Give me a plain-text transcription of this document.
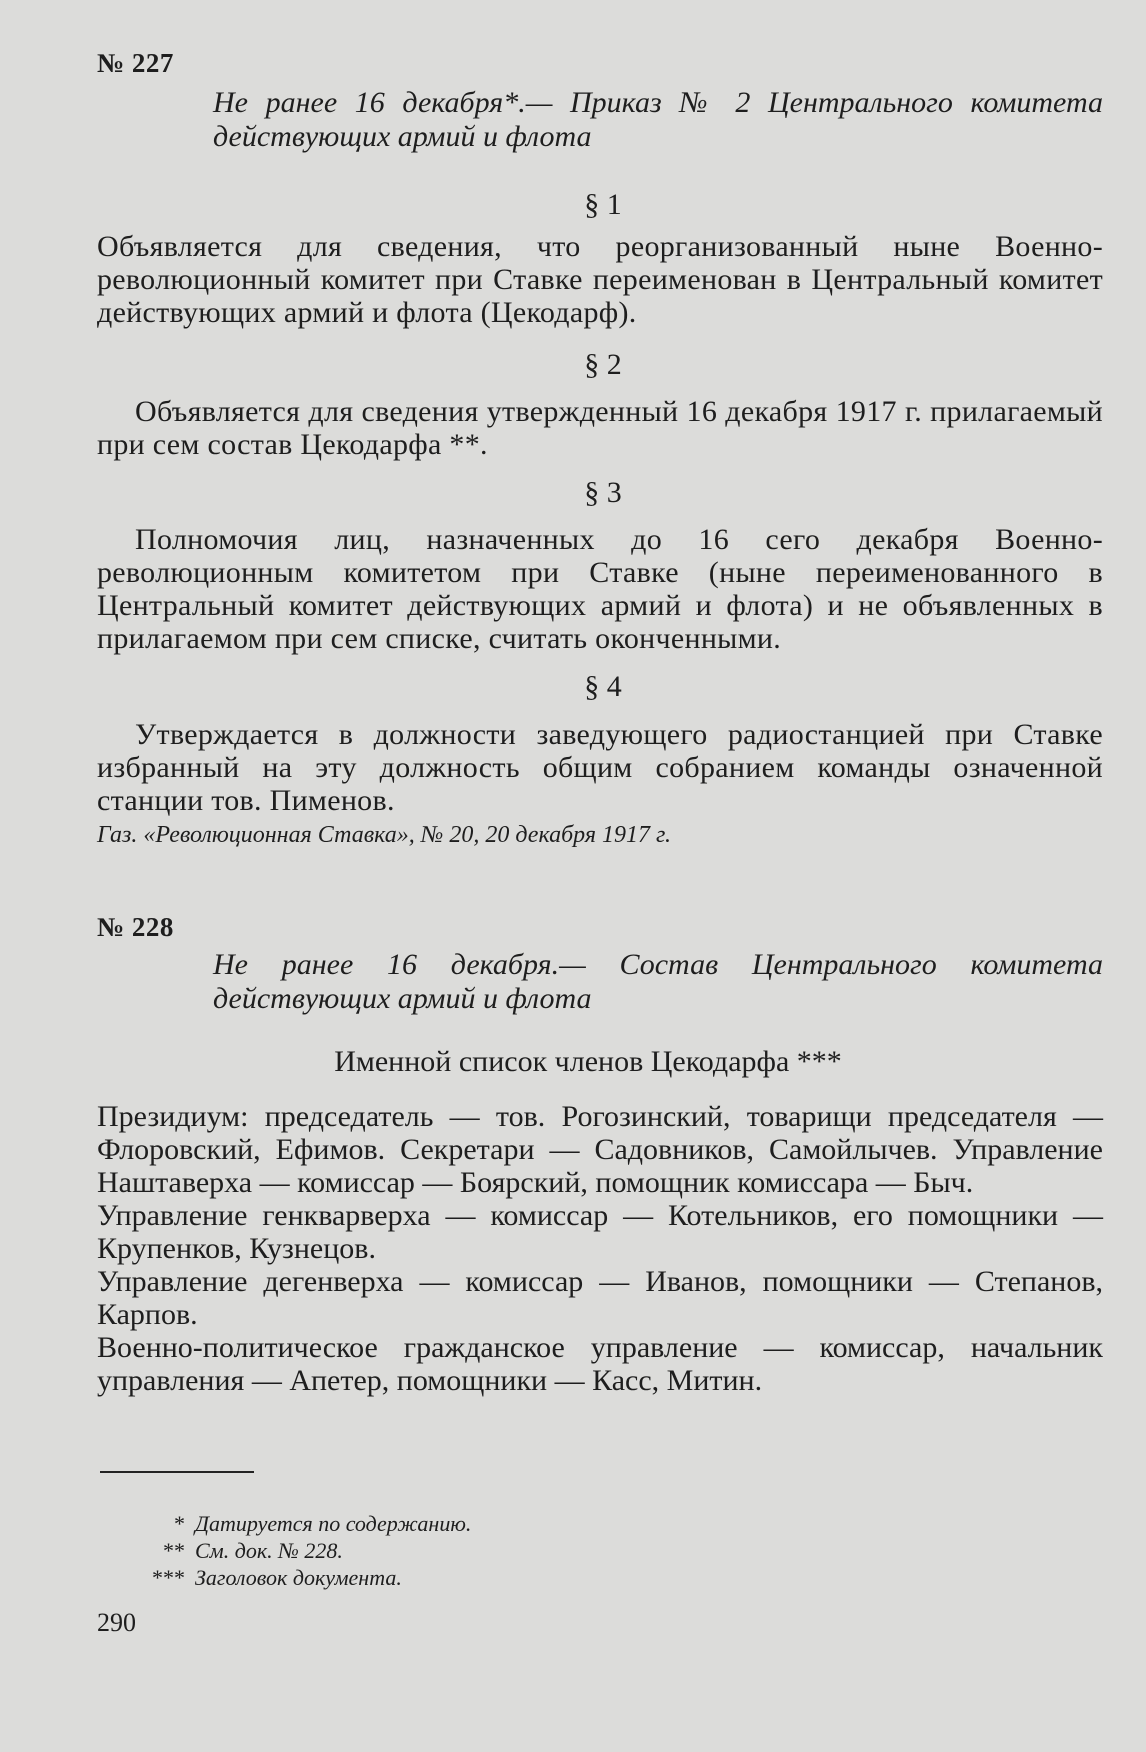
№ 227
Не ранее 16 декабря*.— Приказ № 2 Центрального комитета действующих армий и флота
§ 1
Объявляется для сведения, что реорганизованный ныне Военно-революционный комитет при Ставке переименован в Центральный комитет действующих армий и флота (Цекодарф).
§ 2
Объявляется для сведения утвержденный 16 декабря 1917 г. прилагаемый при сем состав Цекодарфа **.
§ 3
Полномочия лиц, назначенных до 16 сего декабря Военно-революционным комитетом при Ставке (ныне переименованного в Центральный комитет действующих армий и флота) и не объявленных в прилагаемом при сем списке, считать оконченными.
§ 4
Утверждается в должности заведующего радиостанцией при Ставке избранный на эту должность общим собранием команды означенной станции тов. Пименов.
Газ. «Революционная Ставка», № 20, 20 декабря 1917 г.
№ 228
Не ранее 16 декабря.— Состав Центрального комитета действующих армий и флота
Именной список членов Цекодарфа ***
Президиум: председатель — тов. Рогозинский, товарищи председателя — Флоровский, Ефимов. Секретари — Садовников, Самойлычев. Управление Наштаверха — комиссар — Боярский, помощник комиссара — Быч.
Управление генкварверха — комиссар — Котельников, его помощники — Крупенков, Кузнецов.
Управление дегенверха — комиссар — Иванов, помощники — Степанов, Карпов.
Военно-политическое гражданское управление — комиссар, начальник управления — Апетер, помощники — Касс, Митин.
* Датируется по содержанию.
** См. док. № 228.
*** Заголовок документа.
290
